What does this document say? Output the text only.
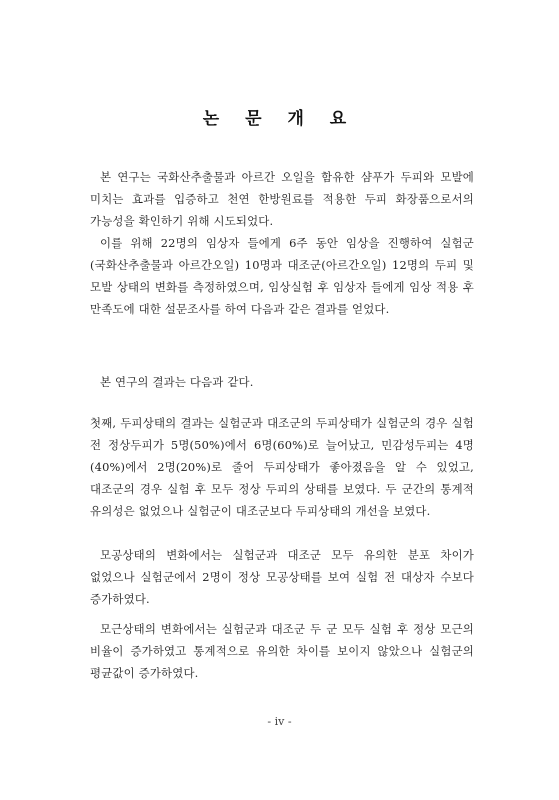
논 문 개 요
본 연구는 국화산추출물과 아르간 오일을 함유한 샴푸가 두피와 모발에 미치는 효과를 입증하고 천연 한방원료를 적용한 두피 화장품으로서의 가능성을 확인하기 위해 시도되었다.
이를 위해 22명의 임상자 들에게 6주 동안 임상을 진행하여 실험군(국화산추출물과 아르간오일) 10명과 대조군(아르간오일) 12명의 두피 및 모발 상태의 변화를 측정하였으며, 임상실험 후 임상자 들에게 임상 적용 후 만족도에 대한 설문조사를 하여 다음과 같은 결과를 얻었다.
본 연구의 결과는 다음과 같다.
첫째, 두피상태의 결과는 실험군과 대조군의 두피상태가 실험군의 경우 실험 전 정상두피가 5명(50%)에서 6명(60%)로 늘어났고, 민감성두피는 4명(40%)에서 2명(20%)로 줄어 두피상태가 좋아졌음을 알 수 있었고, 대조군의 경우 실험 후 모두 정상 두피의 상태를 보였다. 두 군간의 통계적 유의성은 없었으나 실험군이 대조군보다 두피상태의 개선을 보였다.
모공상태의 변화에서는 실험군과 대조군 모두 유의한 분포 차이가 없었으나 실험군에서 2명이 정상 모공상태를 보여 실험 전 대상자 수보다 증가하였다.
모근상태의 변화에서는 실험군과 대조군 두 군 모두 실험 후 정상 모근의 비율이 증가하였고 통계적으로 유의한 차이를 보이지 않았으나 실험군의 평균값이 증가하였다.
- iv -
